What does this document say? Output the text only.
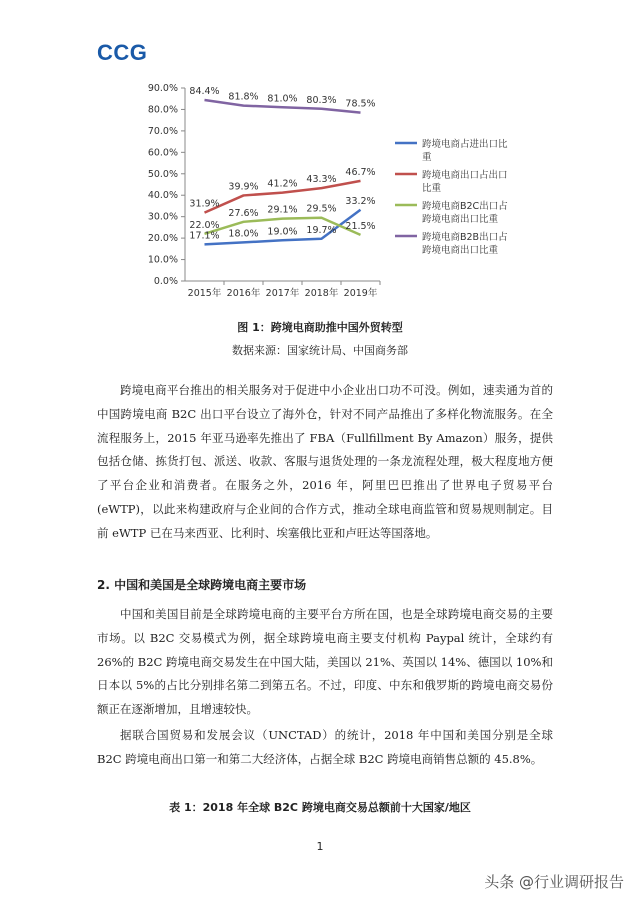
CCG
0.0%
10.0%
20.0%
30.0%
40.0%
50.0%
60.0%
70.0%
80.0%
90.0%
2015年 2016年 2017年 2018年 2019年
17.1% 18.0% 19.0% 19.7%
33.2%
31.9%
39.9% 41.2% 43.3%
46.7%
22.0%
27.6% 29.1% 29.5%
21.5%
84.4%
81.8% 81.0% 80.3% 78.5%
跨境电商占进出口比
重
跨境电商出口占出口
比重
跨境电商B2C出口占
跨境电商出口比重
跨境电商B2B出口占
跨境电商出口比重
图 1：跨境电商助推中国外贸转型
数据来源：国家统计局、中国商务部

跨境电商平台推出的相关服务对于促进中小企业出口功不可没。例如，速卖通为首的中国跨境电商 B2C 出口平台设立了海外仓，针对不同产品推出了多样化物流服务。在全流程服务上，2015 年亚马逊率先推出了 FBA（Fullfillment By Amazon）服务，提供包括仓储、拣货打包、派送、收款、客服与退货处理的一条龙流程处理，极大程度地方便了平台企业和消费者。在服务之外，2016 年，阿里巴巴推出了世界电子贸易平台(eWTP)，以此来构建政府与企业间的合作方式，推动全球电商监管和贸易规则制定。目前 eWTP 已在马来西亚、比利时、埃塞俄比亚和卢旺达等国落地。

2. 中国和美国是全球跨境电商主要市场

中国和美国目前是全球跨境电商的主要平台方所在国，也是全球跨境电商交易的主要市场。以 B2C 交易模式为例，据全球跨境电商主要支付机构 Paypal 统计，全球约有 26%的 B2C 跨境电商交易发生在中国大陆，美国以 21%、英国以 14%、德国以 10%和日本以 5%的占比分别排名第二到第五名。不过，印度、中东和俄罗斯的跨境电商交易份额正在逐渐增加，且增速较快。

据联合国贸易和发展会议（UNCTAD）的统计，2018 年中国和美国分别是全球 B2C 跨境电商出口第一和第二大经济体，占据全球 B2C 跨境电商销售总额的 45.8%。

表 1：2018 年全球 B2C 跨境电商交易总额前十大国家/地区
1
头条 @行业调研报告
